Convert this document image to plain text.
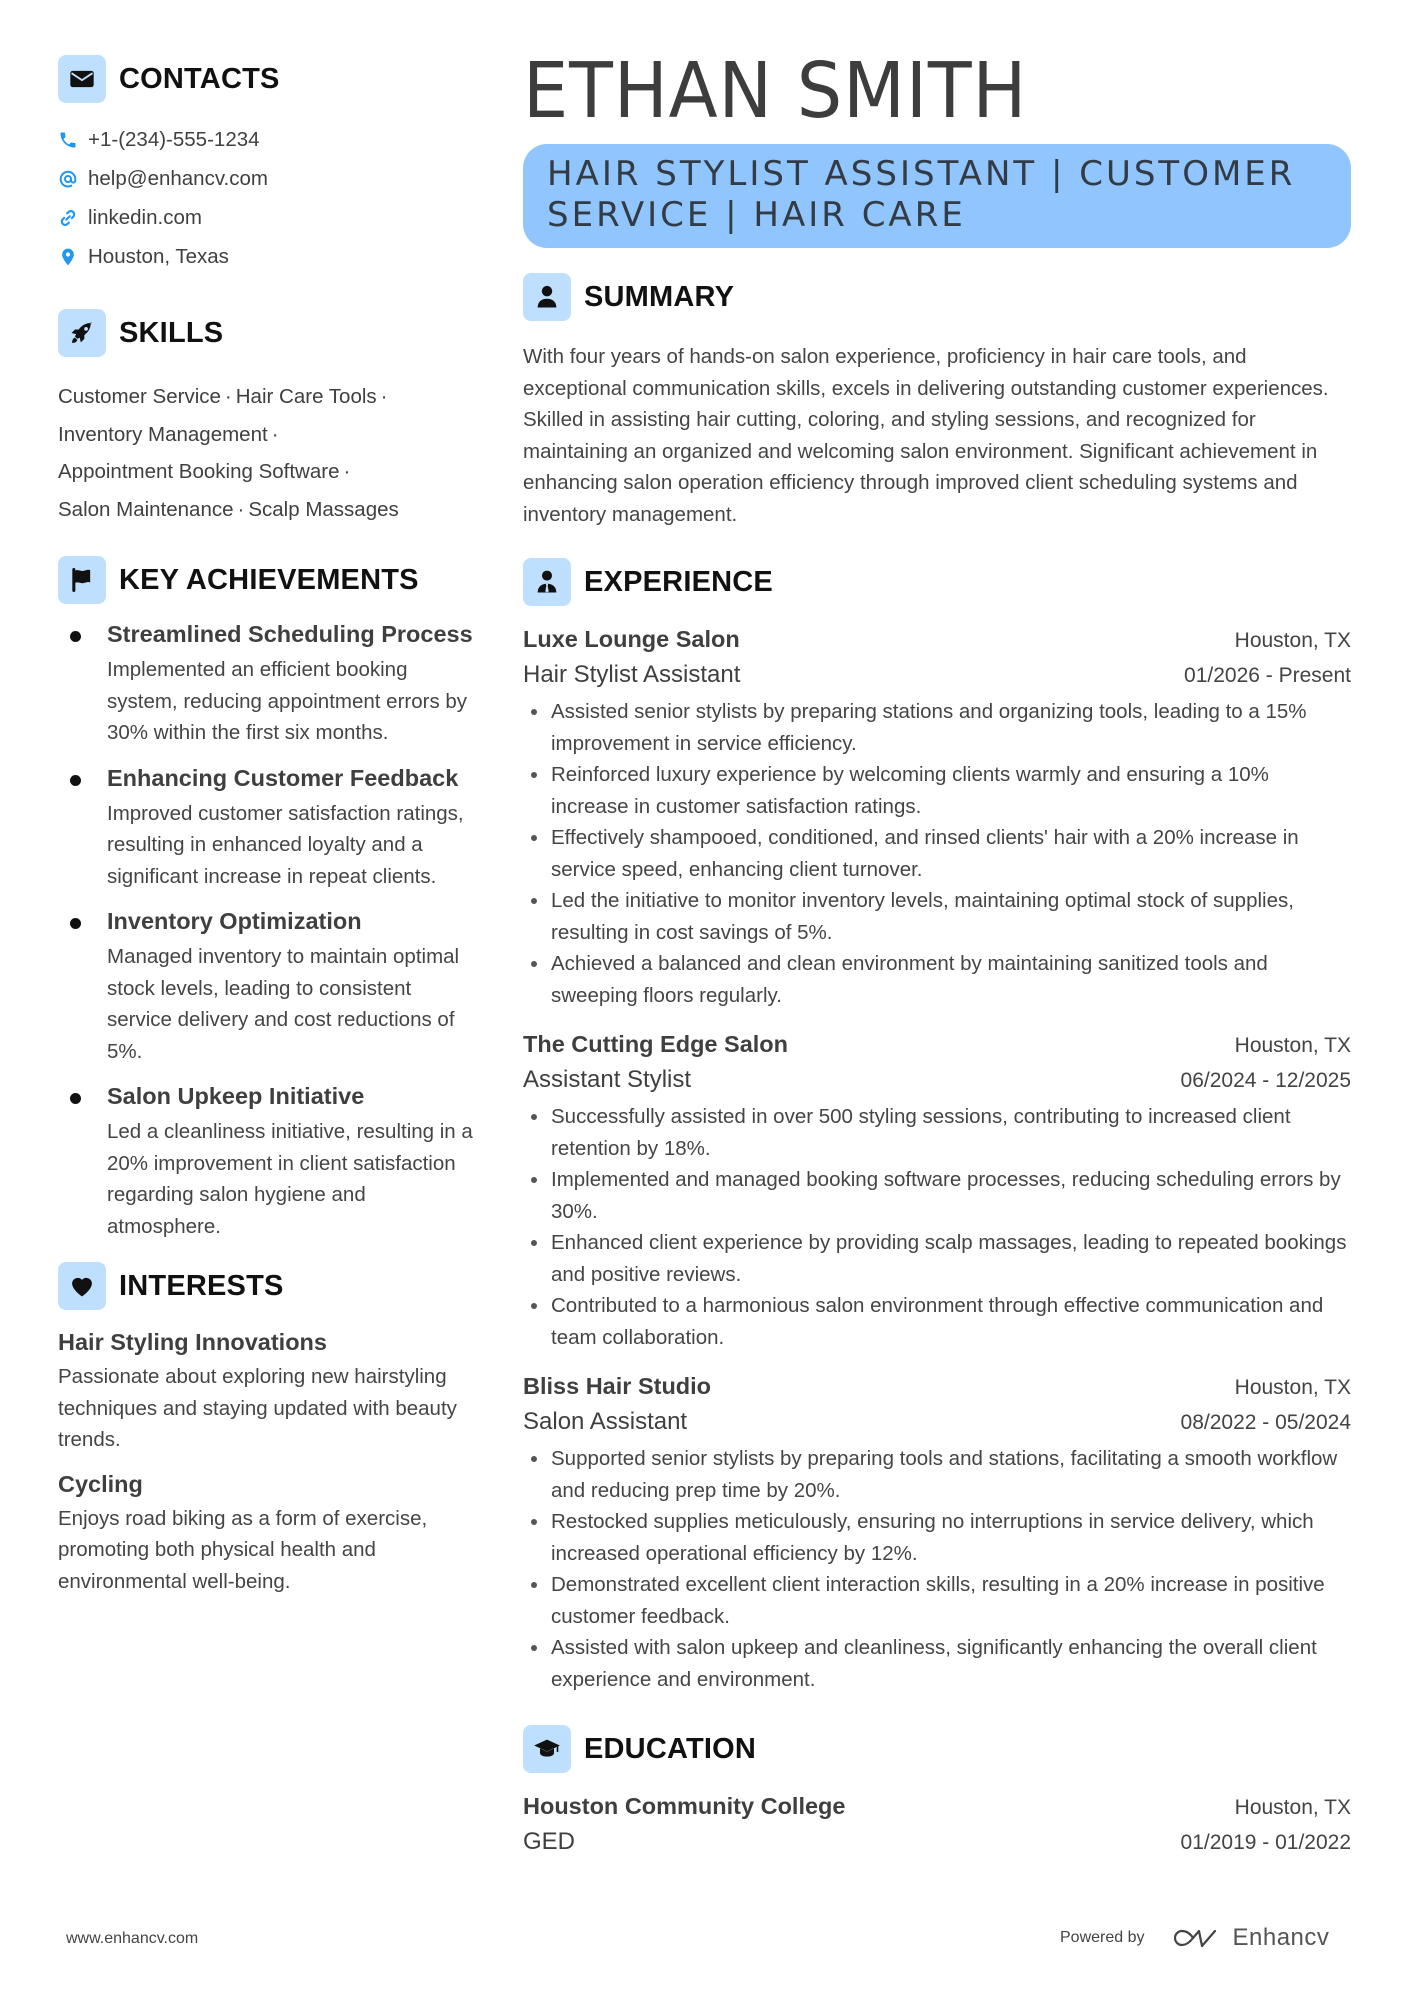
CONTACTS
+1-(234)-555-1234
help@enhancv.com
linkedin.com
Houston, Texas
SKILLS
Customer Service · Hair Care Tools ·
Inventory Management ·
Appointment Booking Software ·
Salon Maintenance · Scalp Massages
KEY ACHIEVEMENTS
Streamlined Scheduling Process
Implemented an efficient booking system, reducing appointment errors by 30% within the first six months.
Enhancing Customer Feedback
Improved customer satisfaction ratings, resulting in enhanced loyalty and a significant increase in repeat clients.
Inventory Optimization
Managed inventory to maintain optimal stock levels, leading to consistent service delivery and cost reductions of 5%.
Salon Upkeep Initiative
Led a cleanliness initiative, resulting in a 20% improvement in client satisfaction regarding salon hygiene and atmosphere.
INTERESTS
Hair Styling Innovations
Passionate about exploring new hairstyling techniques and staying updated with beauty trends.
Cycling
Enjoys road biking as a form of exercise, promoting both physical health and environmental well-being.
ETHAN SMITH
HAIR STYLIST ASSISTANT | CUSTOMER SERVICE | HAIR CARE
SUMMARY

With four years of hands-on salon experience, proficiency in hair care tools, and exceptional communication skills, excels in delivering outstanding customer experiences. Skilled in assisting hair cutting, coloring, and styling sessions, and recognized for maintaining an organized and welcoming salon environment. Significant achievement in enhancing salon operation efficiency through improved client scheduling systems and inventory management.

EXPERIENCE
Luxe Lounge Salon	Houston, TX
Hair Stylist Assistant	01/2026 - Present
Assisted senior stylists by preparing stations and organizing tools, leading to a 15% improvement in service efficiency.
Reinforced luxury experience by welcoming clients warmly and ensuring a 10% increase in customer satisfaction ratings.
Effectively shampooed, conditioned, and rinsed clients' hair with a 20% increase in service speed, enhancing client turnover.
Led the initiative to monitor inventory levels, maintaining optimal stock of supplies, resulting in cost savings of 5%.
Achieved a balanced and clean environment by maintaining sanitized tools and sweeping floors regularly.
The Cutting Edge Salon	Houston, TX
Assistant Stylist	06/2024 - 12/2025
Successfully assisted in over 500 styling sessions, contributing to increased client retention by 18%.
Implemented and managed booking software processes, reducing scheduling errors by 30%.
Enhanced client experience by providing scalp massages, leading to repeated bookings and positive reviews.
Contributed to a harmonious salon environment through effective communication and team collaboration.
Bliss Hair Studio	Houston, TX
Salon Assistant	08/2022 - 05/2024
Supported senior stylists by preparing tools and stations, facilitating a smooth workflow and reducing prep time by 20%.
Restocked supplies meticulously, ensuring no interruptions in service delivery, which increased operational efficiency by 12%.
Demonstrated excellent client interaction skills, resulting in a 20% increase in positive customer feedback.
Assisted with salon upkeep and cleanliness, significantly enhancing the overall client experience and environment.
EDUCATION
Houston Community College	Houston, TX
GED	01/2019 - 01/2022
www.enhancv.com	Powered by	Enhancv
